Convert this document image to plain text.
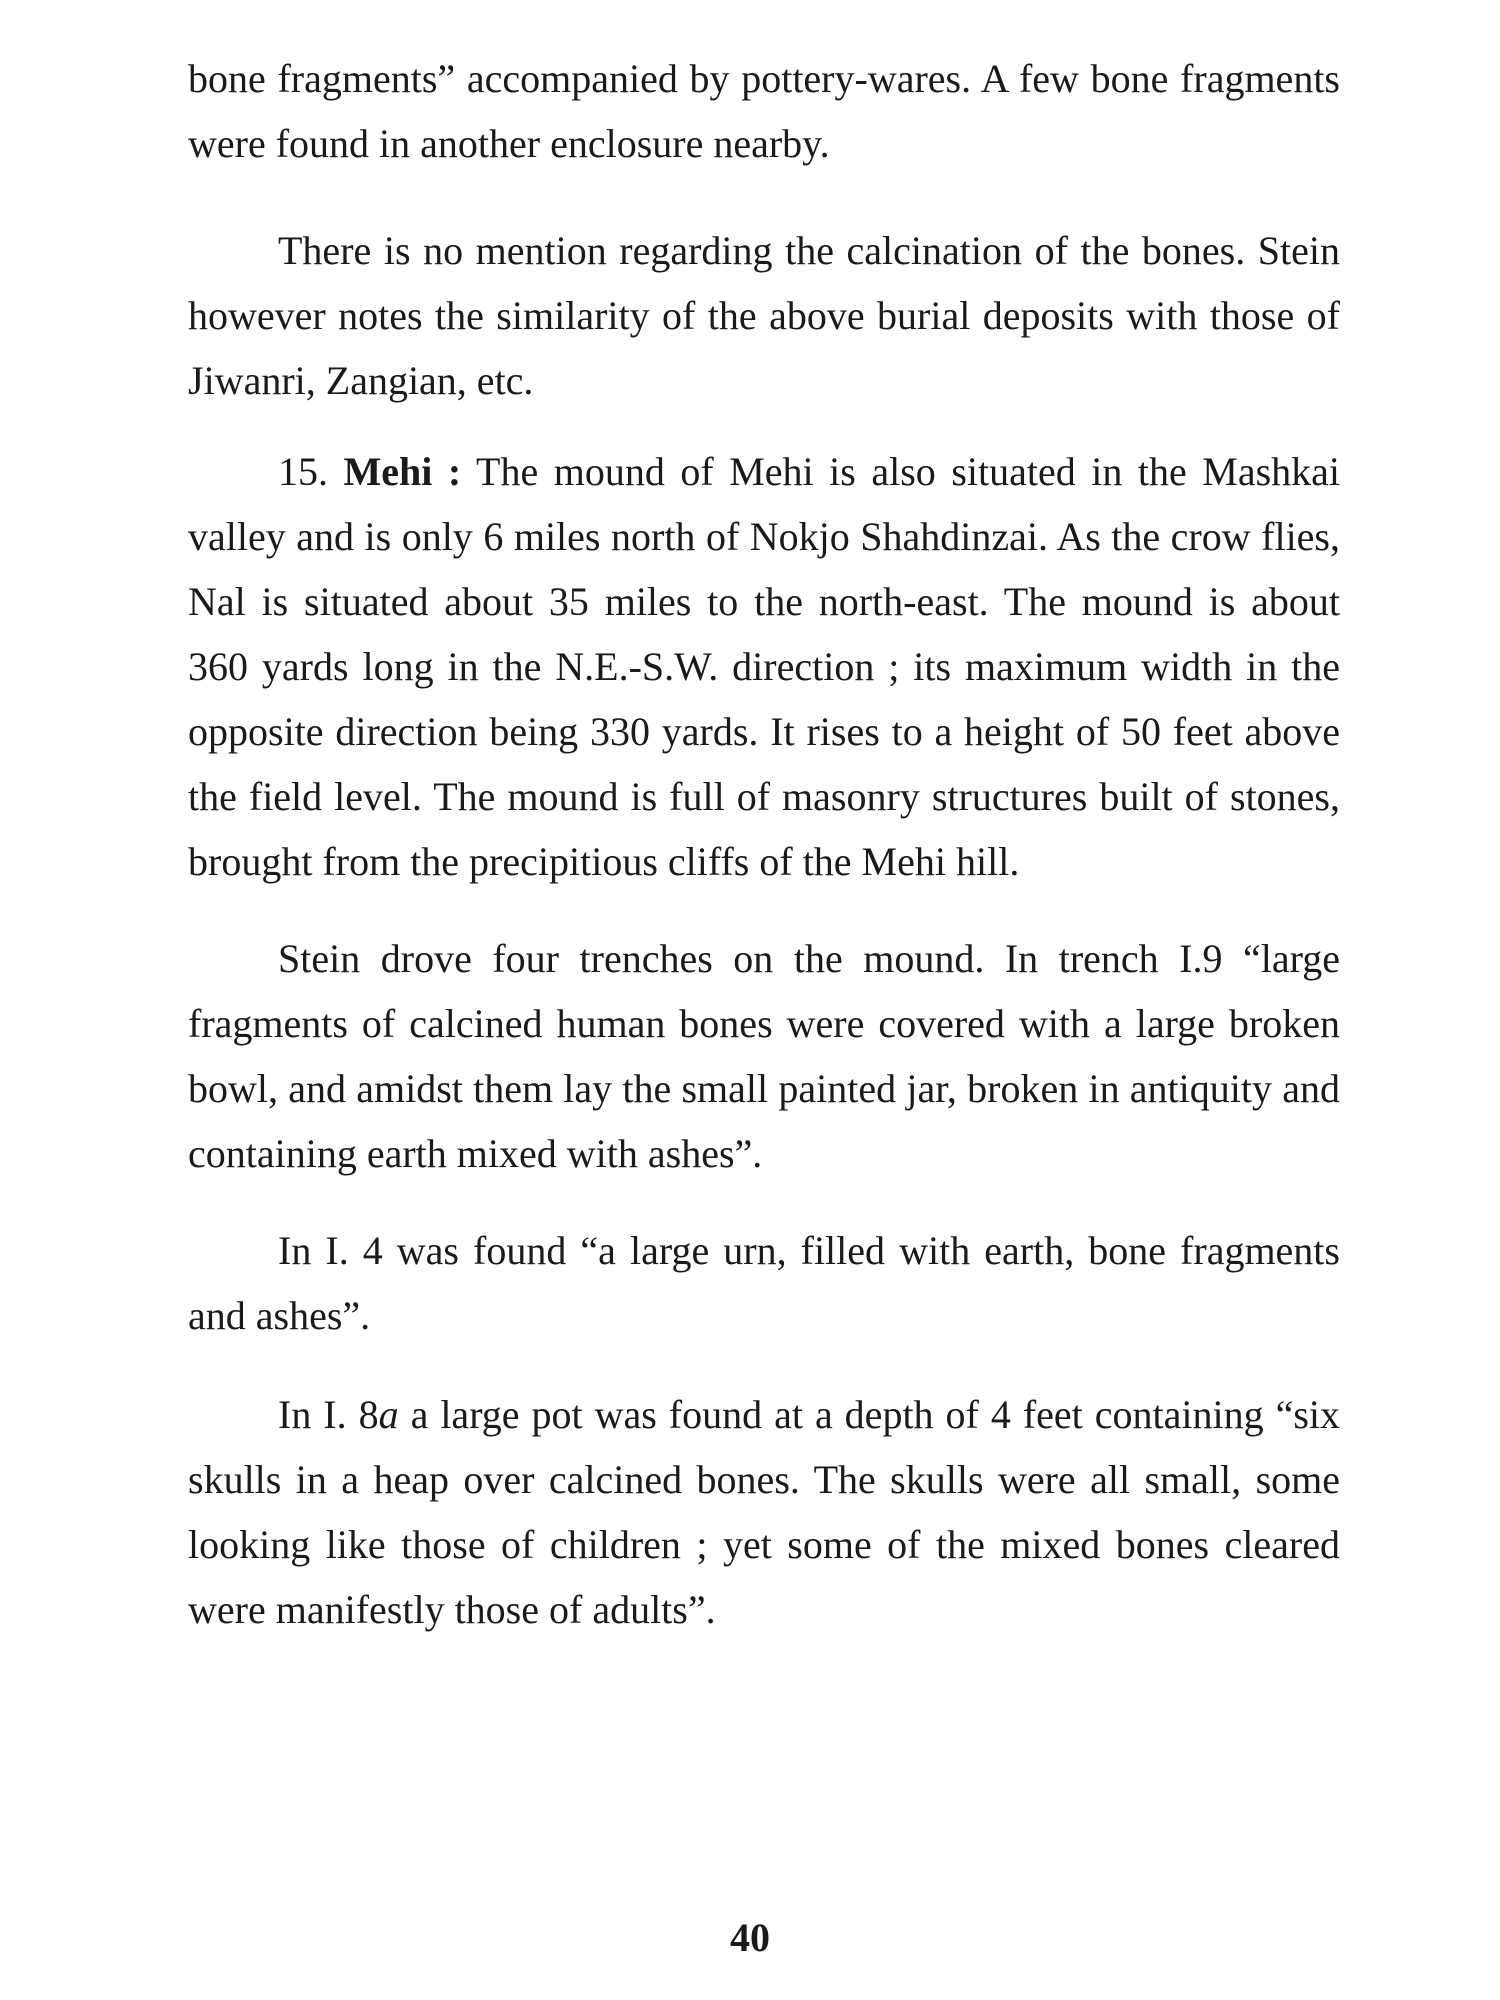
bone fragments” accompanied by pottery-wares. A few bone fragments were found in another enclosure nearby.

There is no mention regarding the calcination of the bones. Stein however notes the similarity of the above burial deposits with those of Jiwanri, Zangian, etc.

15. Mehi : The mound of Mehi is also situated in the Mashkai valley and is only 6 miles north of Nokjo Shahdinzai. As the crow flies, Nal is situated about 35 miles to the north-east. The mound is about 360 yards long in the N.E.-S.W. direction ; its maximum width in the opposite direction being 330 yards. It rises to a height of 50 feet above the field level. The mound is full of masonry structures built of stones, brought from the precipitious cliffs of the Mehi hill.

Stein drove four trenches on the mound. In trench I.9 “large fragments of calcined human bones were covered with a large broken bowl, and amidst them lay the small painted jar, broken in antiquity and containing earth mixed with ashes”.

In I. 4 was found “a large urn, filled with earth, bone fragments and ashes”.

In I. 8a a large pot was found at a depth of 4 feet containing “six skulls in a heap over calcined bones. The skulls were all small, some looking like those of children ; yet some of the mixed bones cleared were manifestly those of adults”.

40
